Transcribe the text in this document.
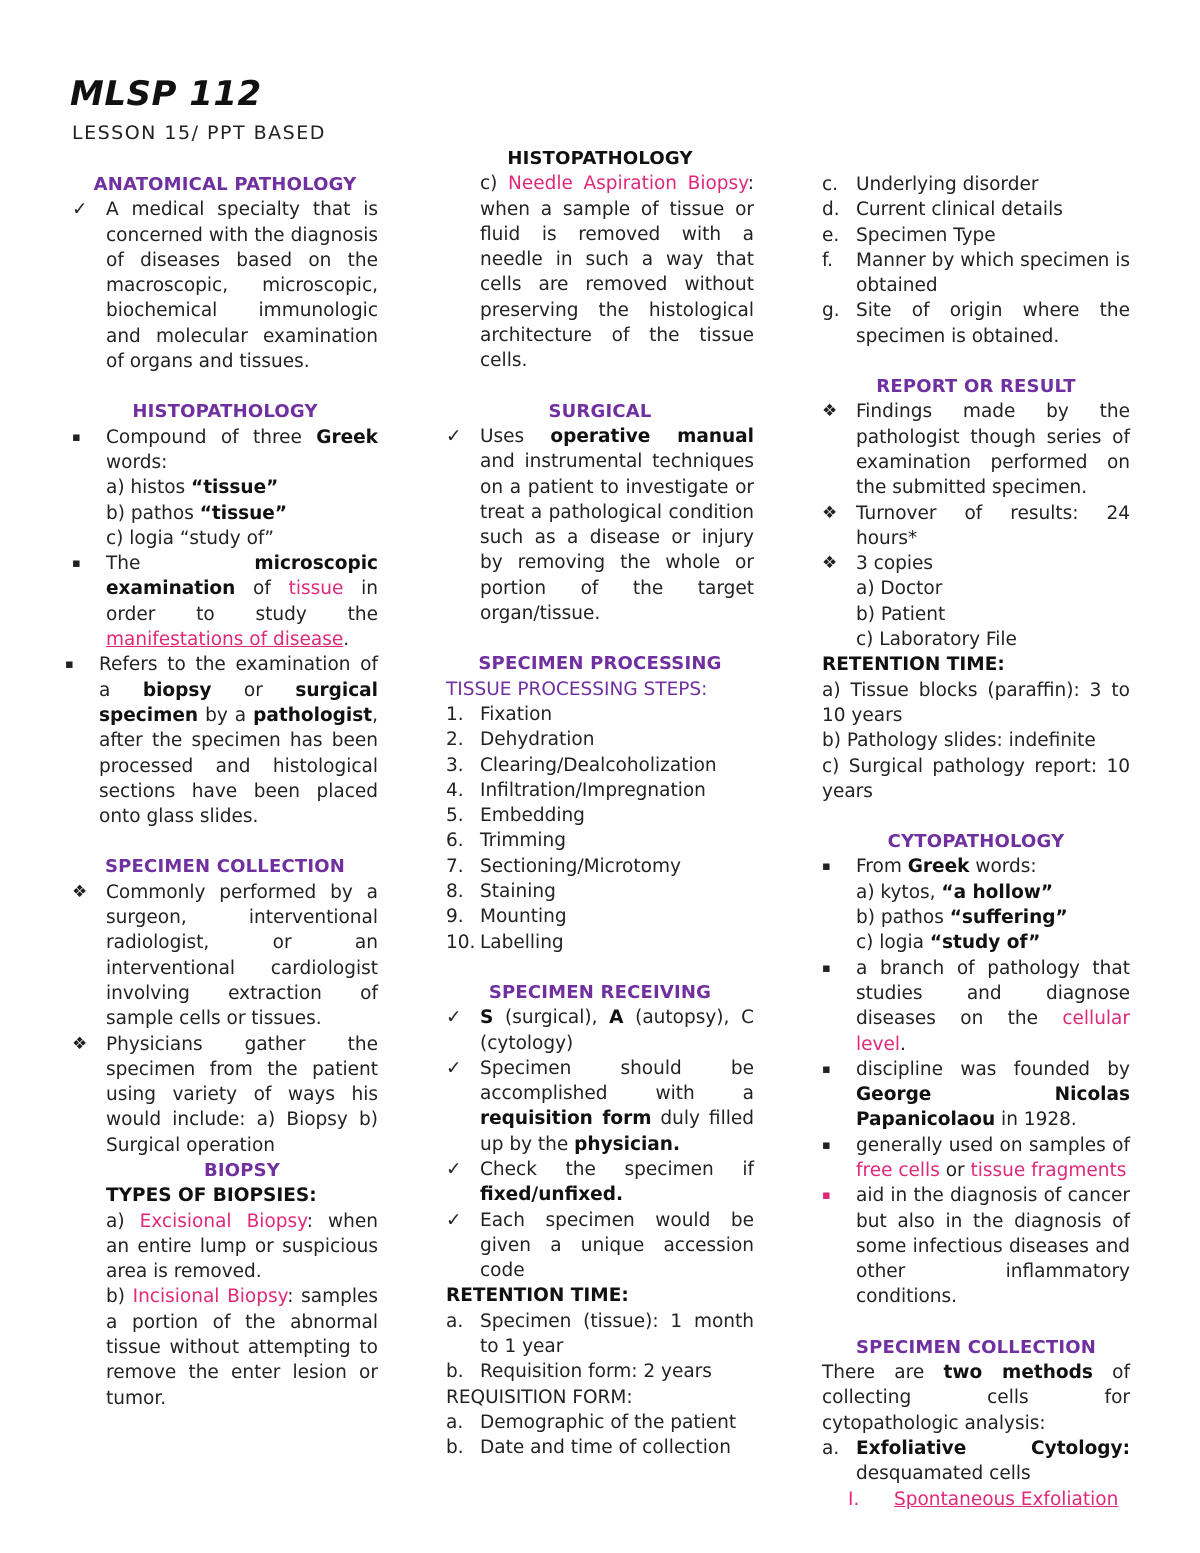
MLSP 112
LESSON 15/ PPT BASED
ANATOMICAL PATHOLOGY
✓ A medical specialty that is concerned with the diagnosis of diseases based on the macroscopic, microscopic, biochemical immunologic and molecular examination of organs and tissues.
HISTOPATHOLOGY
▪	Compound of three Greek words:
a) histos “tissue”
b) pathos “tissue”
c) logia “study of”
▪	The microscopic examination of tissue in order to study the manifestations of disease.
▪	Refers to the examination of a biopsy or surgical specimen by a pathologist, after the specimen has been processed and histological sections have been placed onto glass slides.
SPECIMEN COLLECTION
❖	Commonly performed by a surgeon, interventional radiologist, or an interventional cardiologist involving extraction of sample cells or tissues.
❖	Physicians gather the specimen from the patient using variety of ways his would include: a) Biopsy b) Surgical operation
BIOPSY
TYPES OF BIOPSIES:
a) Excisional Biopsy: when an entire lump or suspicious area is removed.
b) Incisional Biopsy: samples a portion of the abnormal tissue without attempting to remove the enter lesion or tumor.
HISTOPATHOLOGY
c) Needle Aspiration Biopsy: when a sample of tissue or fluid is removed with a needle in such a way that cells are removed without preserving the histological architecture of the tissue cells.
SURGICAL
✓ Uses operative manual and instrumental techniques on a patient to investigate or treat a pathological condition such as a disease or injury by removing the whole or portion of the target organ/tissue.
SPECIMEN PROCESSING
TISSUE PROCESSING STEPS:
1. Fixation
2. Dehydration
3. Clearing/Dealcoholization
4. Infiltration/Impregnation
5. Embedding
6. Trimming
7. Sectioning/Microtomy
8. Staining
9. Mounting
10. Labelling
SPECIMEN RECEIVING
✓ S (surgical), A (autopsy), C (cytology)
✓ Specimen should be accomplished with a requisition form duly filled up by the physician.
✓ Check the specimen if fixed/unfixed.
✓ Each specimen would be given a unique accession code
RETENTION TIME:
a. Specimen (tissue): 1 month to 1 year
b. Requisition form: 2 years
REQUISITION FORM:
a. Demographic of the patient
b. Date and time of collection
c. Underlying disorder
d. Current clinical details
e. Specimen Type
f.	Manner by which specimen is obtained
g. Site of origin where the specimen is obtained.
REPORT OR RESULT
❖	Findings made by the pathologist though series of examination performed on the submitted specimen.
❖	Turnover of results: 24 hours*
❖	3 copies
a) Doctor
b) Patient
c) Laboratory File
RETENTION TIME:
a) Tissue blocks (paraffin): 3 to 10 years
b) Pathology slides: indefinite
c) Surgical pathology report: 10 years
CYTOPATHOLOGY
▪	From Greek words:
a) kytos, “a hollow”
b) pathos “suffering”
c) logia “study of”
▪	a branch of pathology that studies and diagnose diseases on the cellular level.
▪	discipline was founded by George Nicolas Papanicolaou in 1928.
▪	generally used on samples of free cells or tissue fragments
▪	aid in the diagnosis of cancer but also in the diagnosis of some infectious diseases and other inflammatory conditions.
SPECIMEN COLLECTION
There are two methods of collecting cells for cytopathologic analysis:
a. Exfoliative Cytology: desquamated cells
I. Spontaneous Exfoliation
